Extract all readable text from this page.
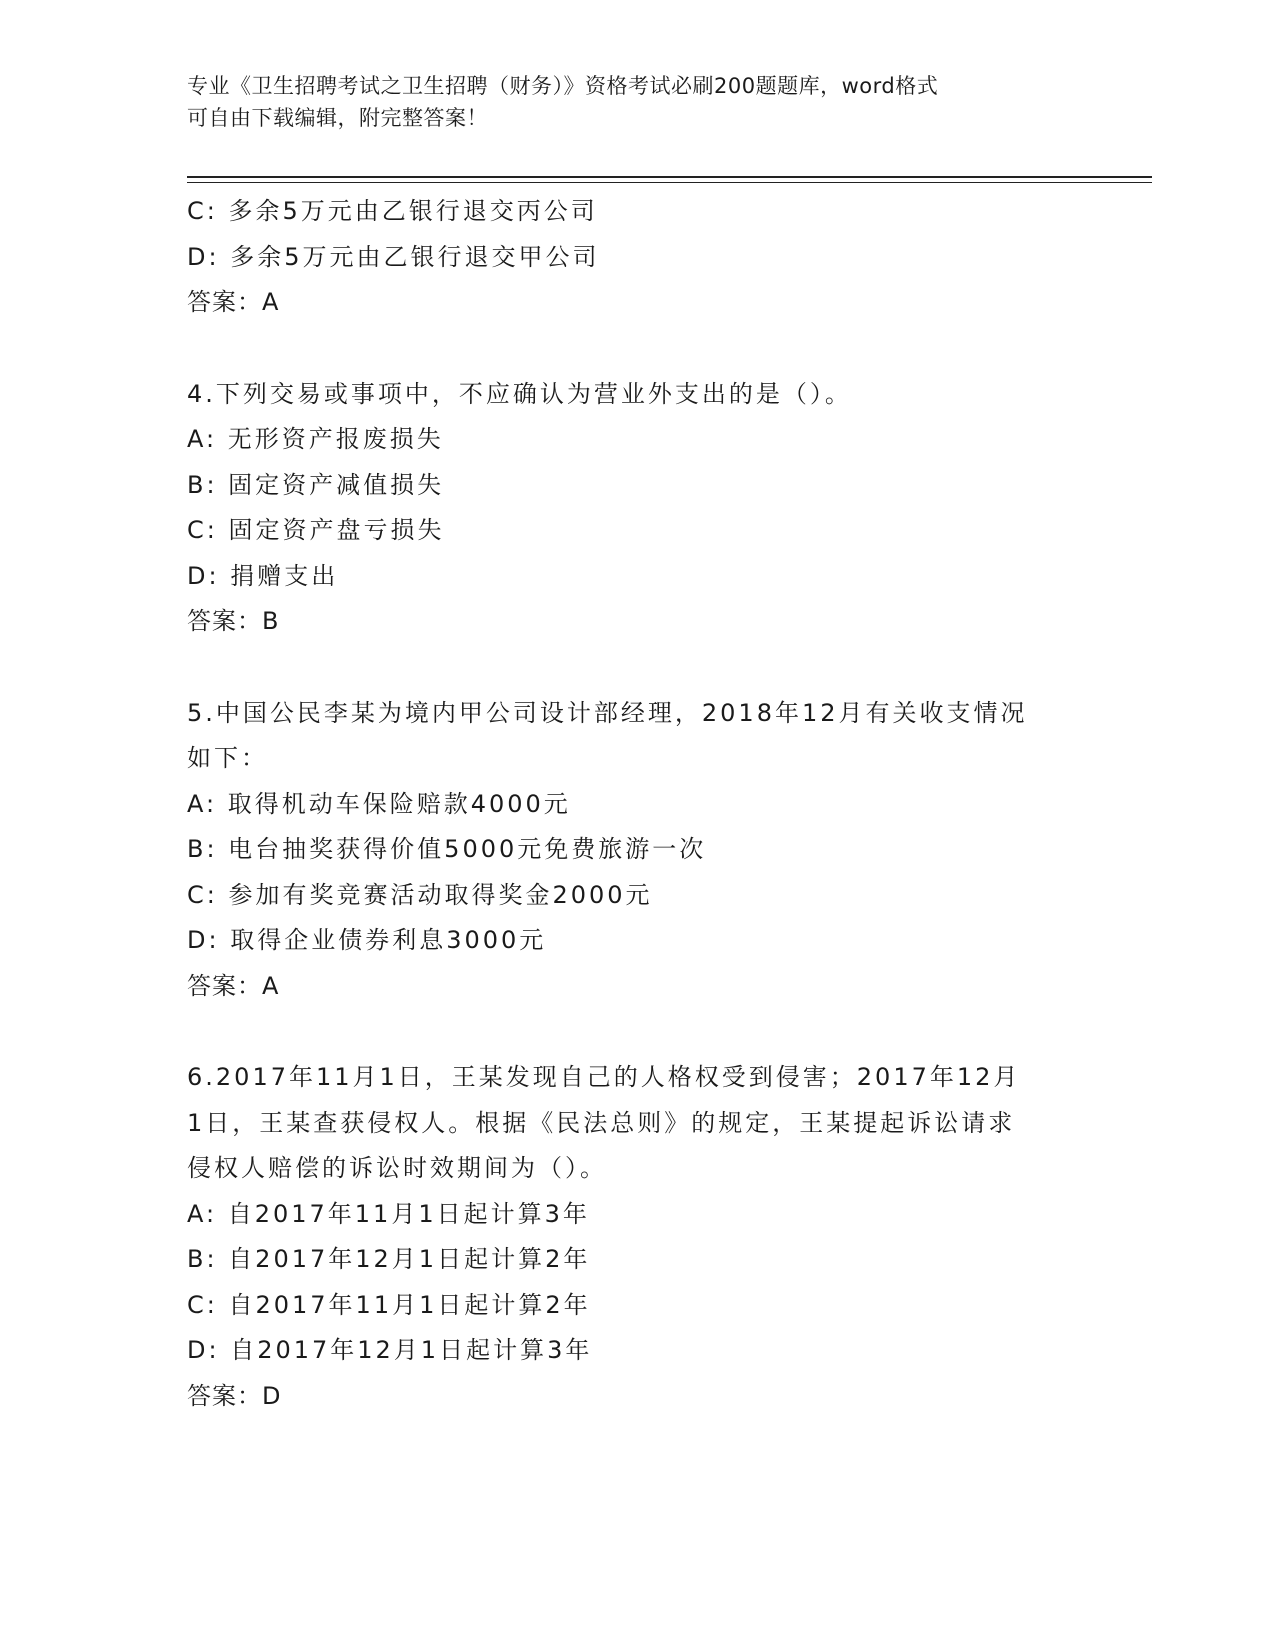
专业《卫生招聘考试之卫生招聘（财务）》资格考试必刷200题题库，word格式
可自由下载编辑，附完整答案！
C: 多余5万元由乙银行退交丙公司
D: 多余5万元由乙银行退交甲公司
答案：A
4.下列交易或事项中，不应确认为营业外支出的是（）。
A: 无形资产报废损失
B: 固定资产减值损失
C: 固定资产盘亏损失
D: 捐赠支出
答案：B
5.中国公民李某为境内甲公司设计部经理，2018年12月有关收支情况
如下：
A: 取得机动车保险赔款4000元
B: 电台抽奖获得价值5000元免费旅游一次
C: 参加有奖竞赛活动取得奖金2000元
D: 取得企业债券利息3000元
答案：A
6.2017年11月1日，王某发现自己的人格权受到侵害；2017年12月
1日，王某查获侵权人。根据《民法总则》的规定，王某提起诉讼请求
侵权人赔偿的诉讼时效期间为（）。
A: 自2017年11月1日起计算3年
B: 自2017年12月1日起计算2年
C: 自2017年11月1日起计算2年
D: 自2017年12月1日起计算3年
答案：D
